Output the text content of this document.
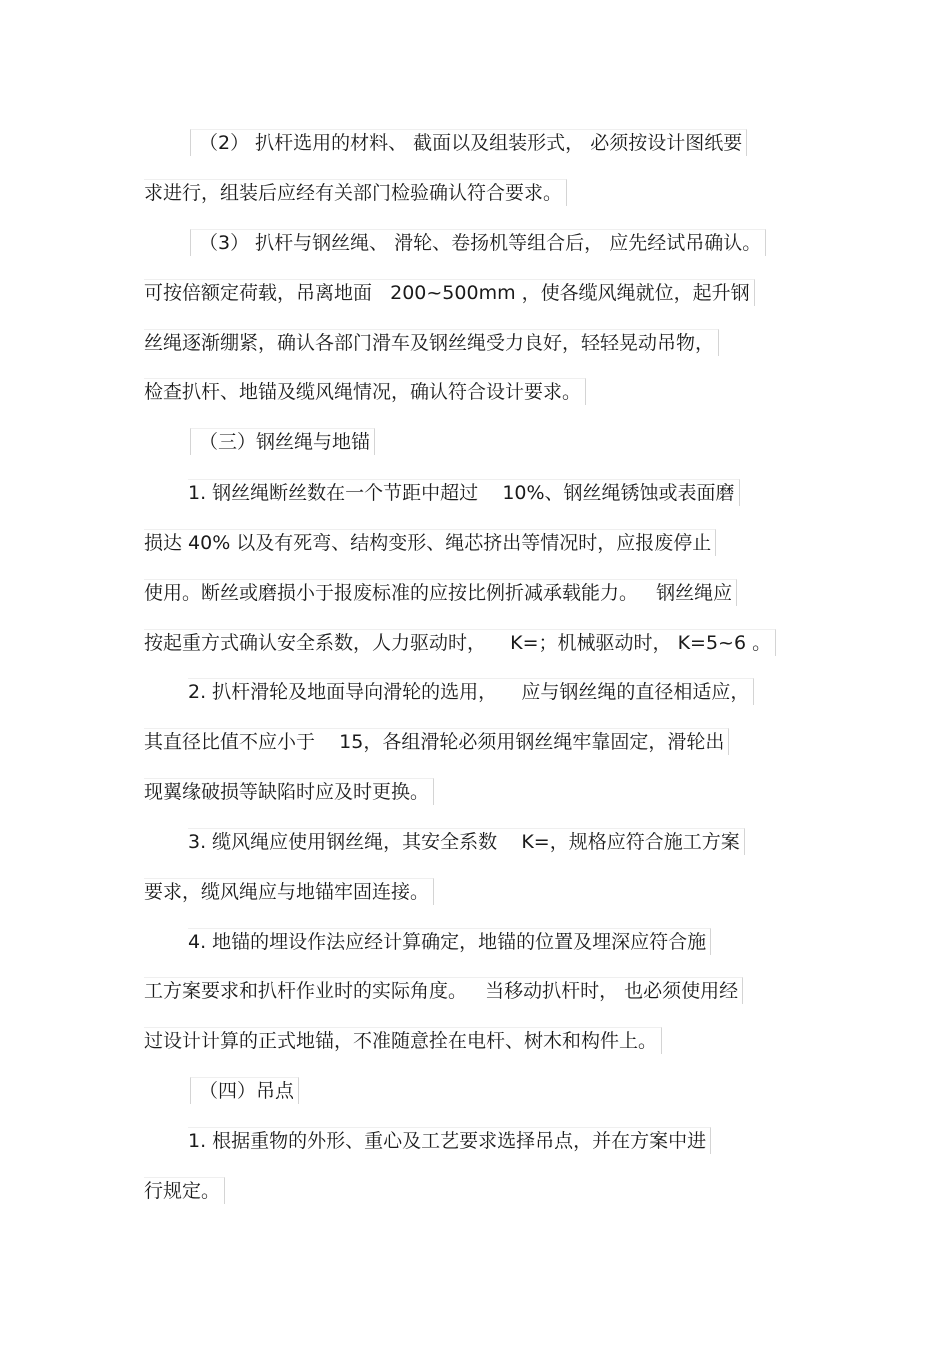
（2） 扒杆选用的材料、 截面以及组装形式， 必须按设计图纸要
求进行，组装后应经有关部门检验确认符合要求。
（3） 扒杆与钢丝绳、 滑轮、卷扬机等组合后， 应先经试吊确认。
可按倍额定荷载，吊离地面   200~500mm ，使各缆风绳就位，起升钢
丝绳逐渐绷紧，确认各部门滑车及钢丝绳受力良好，轻轻晃动吊物，
检查扒杆、地锚及缆风绳情况，确认符合设计要求。
（三）钢丝绳与地锚
1. 钢丝绳断丝数在一个节距中超过    10%、钢丝绳锈蚀或表面磨
损达 40% 以及有死弯、结构变形、绳芯挤出等情况时，应报废停止
使用。断丝或磨损小于报废标准的应按比例折减承载能力。   钢丝绳应
按起重方式确认安全系数，人力驱动时，    K=；机械驱动时， K=5~6 。
2. 扒杆滑轮及地面导向滑轮的选用，    应与钢丝绳的直径相适应，
其直径比值不应小于    15，各组滑轮必须用钢丝绳牢靠固定，滑轮出
现翼缘破损等缺陷时应及时更换。
3. 缆风绳应使用钢丝绳，其安全系数    K=，规格应符合施工方案
要求，缆风绳应与地锚牢固连接。
4. 地锚的埋设作法应经计算确定，地锚的位置及埋深应符合施
工方案要求和扒杆作业时的实际角度。   当移动扒杆时， 也必须使用经
过设计计算的正式地锚，不准随意拴在电杆、树木和构件上。
（四）吊点
1. 根据重物的外形、重心及工艺要求选择吊点，并在方案中进
行规定。
